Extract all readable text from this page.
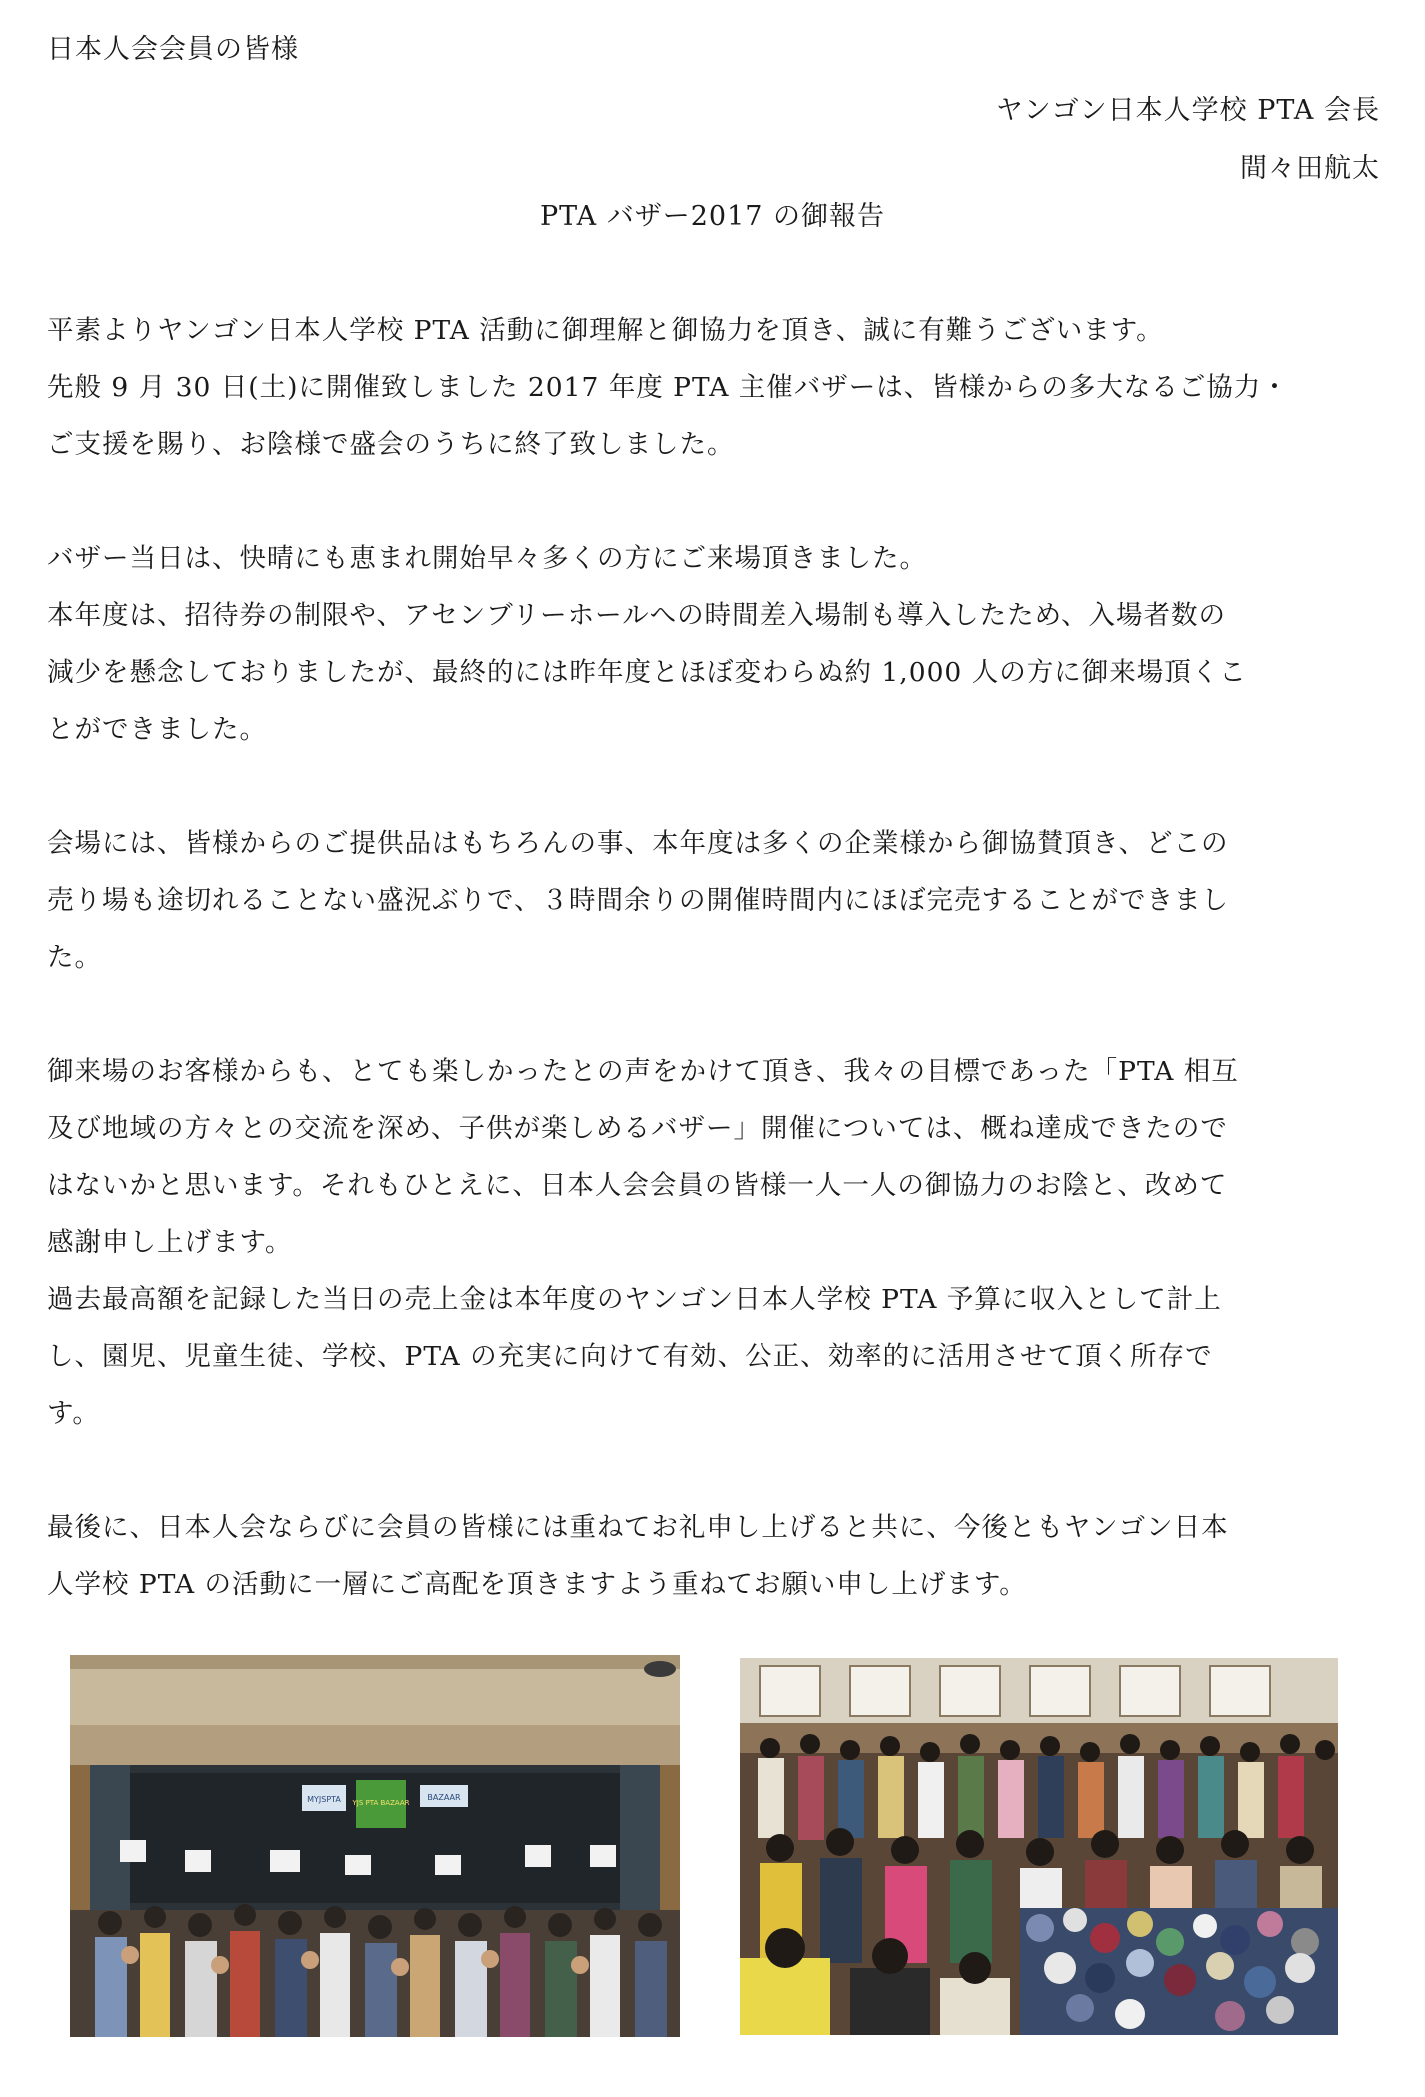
日本人会会員の皆様
ヤンゴン日本人学校 PTA 会長
間々田航太
PTA バザー2017 の御報告

平素よりヤンゴン日本人学校 PTA 活動に御理解と御協力を頂き、誠に有難うございます。

先般 9 月 30 日(土)に開催致しました 2017 年度 PTA 主催バザーは、皆様からの多大なるご協力・

ご支援を賜り、お陰様で盛会のうちに終了致しました。

バザー当日は、快晴にも恵まれ開始早々多くの方にご来場頂きました。

本年度は、招待券の制限や、アセンブリーホールへの時間差入場制も導入したため、入場者数の

減少を懸念しておりましたが、最終的には昨年度とほぼ変わらぬ約 1,000 人の方に御来場頂くこ

とができました。

会場には、皆様からのご提供品はもちろんの事、本年度は多くの企業様から御協賛頂き、どこの

売り場も途切れることない盛況ぶりで、３時間余りの開催時間内にほぼ完売することができまし

た。

御来場のお客様からも、とても楽しかったとの声をかけて頂き、我々の目標であった「PTA 相互

及び地域の方々との交流を深め、子供が楽しめるバザー」開催については、概ね達成できたので

はないかと思います。それもひとえに、日本人会会員の皆様一人一人の御協力のお陰と、改めて

感謝申し上げます。

過去最高額を記録した当日の売上金は本年度のヤンゴン日本人学校 PTA 予算に収入として計上

し、園児、児童生徒、学校、PTA の充実に向けて有効、公正、効率的に活用させて頂く所存で

す。

最後に、日本人会ならびに会員の皆様には重ねてお礼申し上げると共に、今後ともヤンゴン日本

人学校 PTA の活動に一層にご高配を頂きますよう重ねてお願い申し上げます。

MYJSPTA YJS PTA BAZAAR
BAZAAR
